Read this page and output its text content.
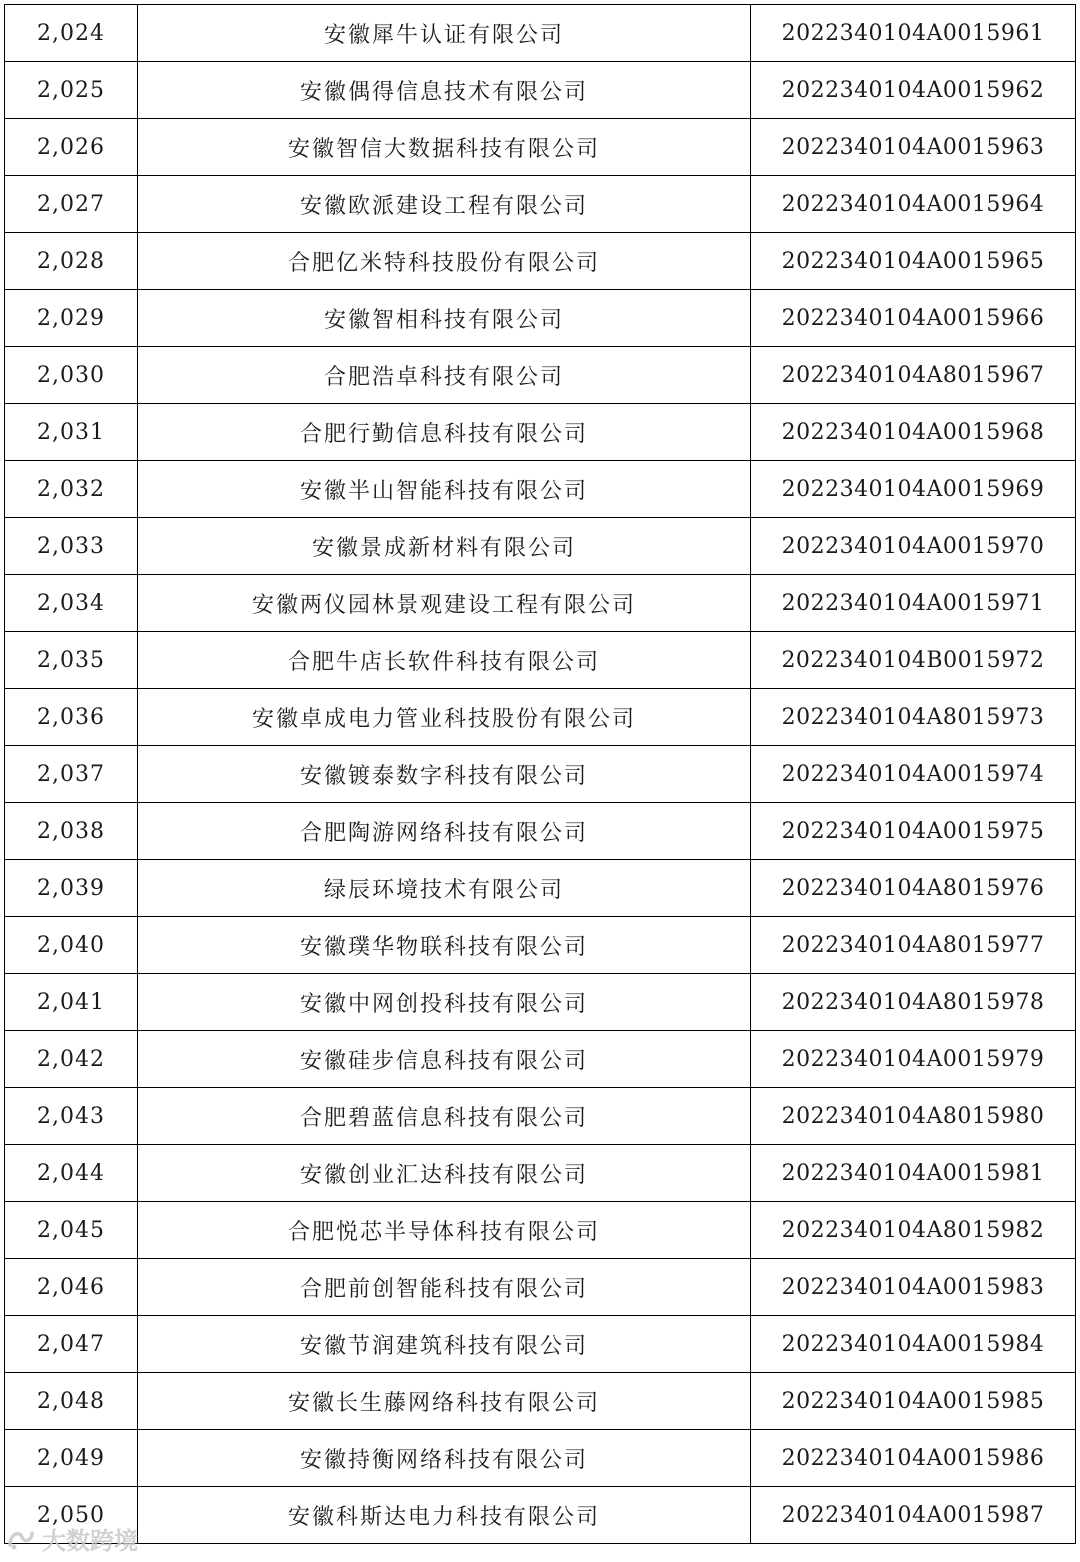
2,024	安徽犀牛认证有限公司	2022340104A0015961
2,025	安徽偶得信息技术有限公司	2022340104A0015962
2,026	安徽智信大数据科技有限公司	2022340104A0015963
2,027	安徽欧派建设工程有限公司	2022340104A0015964
2,028	合肥亿米特科技股份有限公司	2022340104A0015965
2,029	安徽智相科技有限公司	2022340104A0015966
2,030	合肥浩卓科技有限公司	2022340104A8015967
2,031	合肥行勤信息科技有限公司	2022340104A0015968
2,032	安徽半山智能科技有限公司	2022340104A0015969
2,033	安徽景成新材料有限公司	2022340104A0015970
2,034	安徽两仪园林景观建设工程有限公司	2022340104A0015971
2,035	合肥牛店长软件科技有限公司	2022340104B0015972
2,036	安徽卓成电力管业科技股份有限公司	2022340104A8015973
2,037	安徽镀泰数字科技有限公司	2022340104A0015974
2,038	合肥陶游网络科技有限公司	2022340104A0015975
2,039	绿辰环境技术有限公司	2022340104A8015976
2,040	安徽璞华物联科技有限公司	2022340104A8015977
2,041	安徽中网创投科技有限公司	2022340104A8015978
2,042	安徽硅步信息科技有限公司	2022340104A0015979
2,043	合肥碧蓝信息科技有限公司	2022340104A8015980
2,044	安徽创业汇达科技有限公司	2022340104A0015981
2,045	合肥悦芯半导体科技有限公司	2022340104A8015982
2,046	合肥前创智能科技有限公司	2022340104A0015983
2,047	安徽节润建筑科技有限公司	2022340104A0015984
2,048	安徽长生藤网络科技有限公司	2022340104A0015985
2,049	安徽持衡网络科技有限公司	2022340104A0015986
2,050	安徽科斯达电力科技有限公司	2022340104A0015987
大数跨境
